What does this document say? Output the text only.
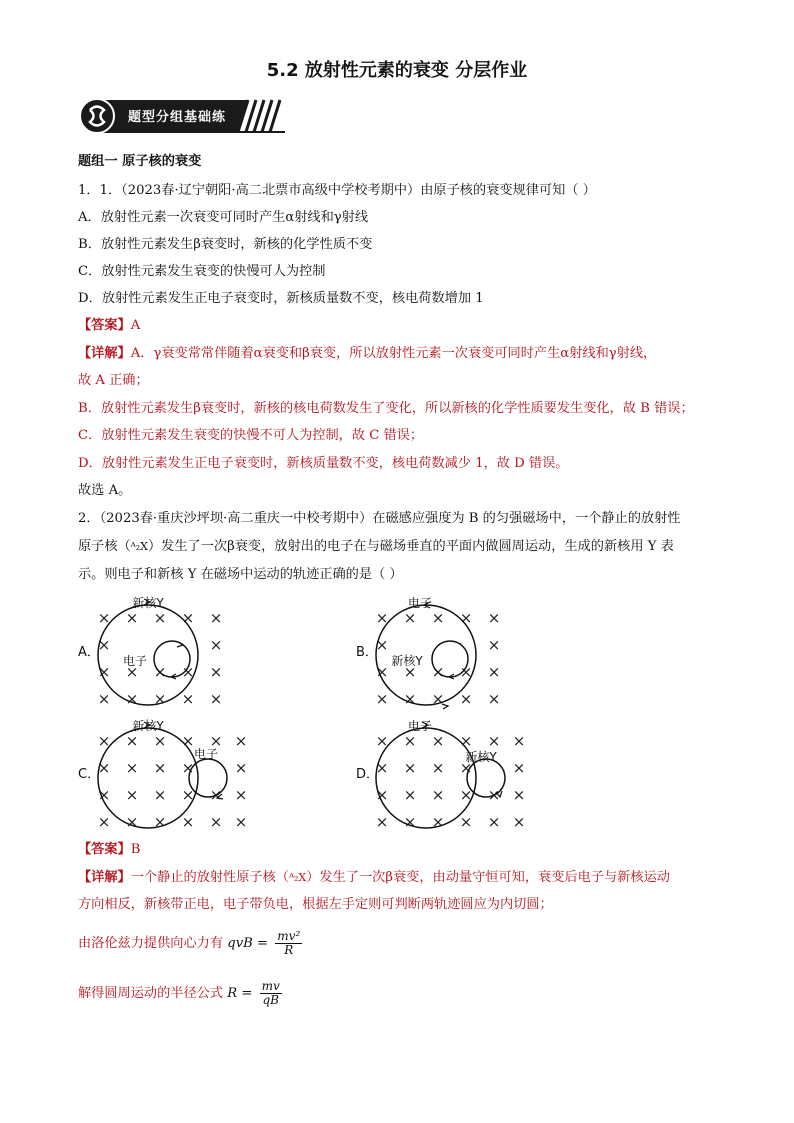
5.2 放射性元素的衰变 分层作业
题型分组基础练
题组一 原子核的衰变
1．1．（2023春·辽宁朝阳·高二北票市高级中学校考期中）由原子核的衰变规律可知（ ）
A．放射性元素一次衰变可同时产生α射线和γ射线
B．放射性元素发生β衰变时，新核的化学性质不变
C．放射性元素发生衰变的快慢可人为控制
D．放射性元素发生正电子衰变时，新核质量数不变，核电荷数增加 1
【答案】A
【详解】A．γ衰变常常伴随着α衰变和β衰变，所以放射性元素一次衰变可同时产生α射线和γ射线，
故 A 正确；
B．放射性元素发生β衰变时，新核的核电荷数发生了变化，所以新核的化学性质要发生变化，故 B 错误；
C．放射性元素发生衰变的快慢不可人为控制，故 C 错误；
D．放射性元素发生正电子衰变时，新核质量数不变，核电荷数减少 1，故 D 错误。
故选 A。
2．（2023春·重庆沙坪坝·高二重庆一中校考期中）在磁感应强度为 B 的匀强磁场中，一个静止的放射性
原子核（ᴬ₂X）发生了一次β衰变，放射出的电子在与磁场垂直的平面内做圆周运动，生成的新核用 Y 表
示。则电子和新核 Y 在磁场中运动的轨迹正确的是（ ）
× × × × ×
×	×
× × × × ×
× × × × ×
A．
新核Y
电子
× × × × ×
×	×
× × × × ×
× × × × ×
B．
电子
新核Y
× × × × × ×
× × × ×	×
× × × × × ×
× × × × × ×
C．
新核Y
电子
× × × × × ×
× × × ×	×
× × × × × ×
× × × × × ×
D．
电子
新核Y
【答案】B
【详解】一个静止的放射性原子核（ᴬ₂X）发生了一次β衰变，由动量守恒可知，衰变后电子与新核运动
方向相反，新核带正电，电子带负电，根据左手定则可判断两轨迹圆应为内切圆；
由洛伦兹力提供向心力有 qvB = $\frac{\text{mv²}}{R}$
解得圆周运动的半径公式 $R = \frac{mv}{qB}$
